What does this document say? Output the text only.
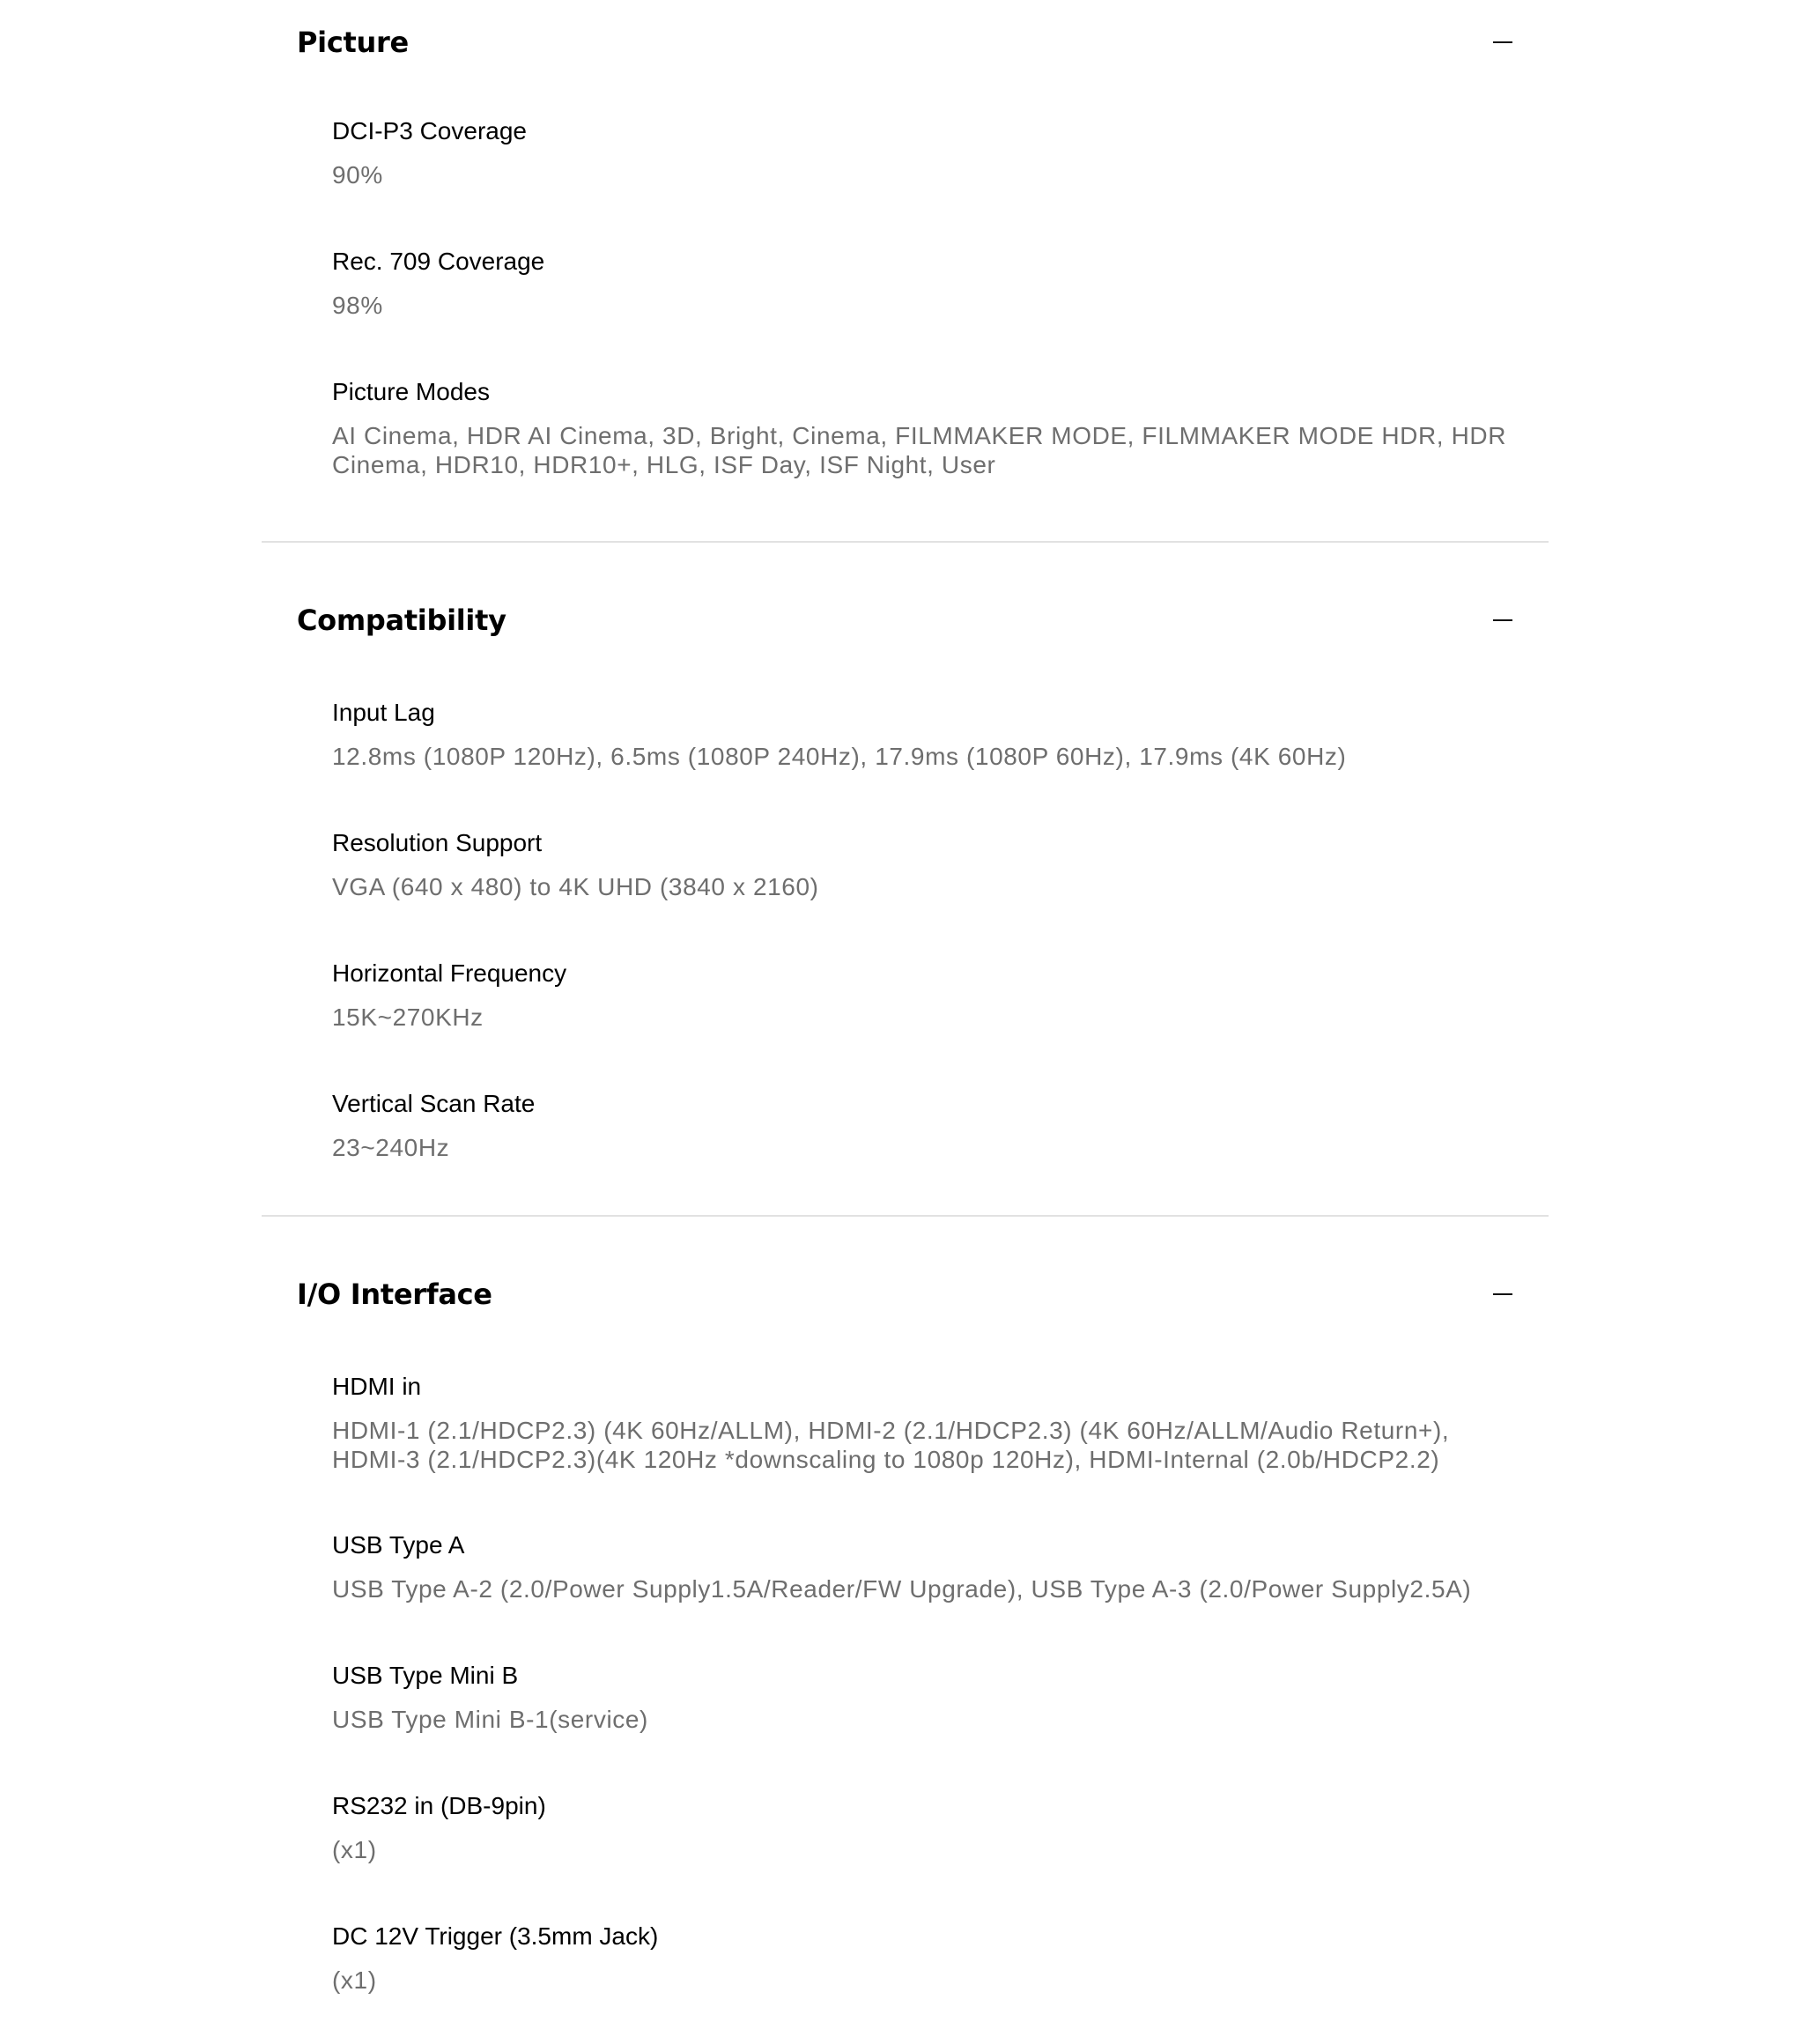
Picture
DCI-P3 Coverage
90%
Rec. 709 Coverage
98%
Picture Modes
AI Cinema, HDR AI Cinema, 3D, Bright, Cinema, FILMMAKER MODE, FILMMAKER MODE HDR, HDR Cinema, HDR10, HDR10+, HLG, ISF Day, ISF Night, User
Compatibility
Input Lag
12.8ms (1080P 120Hz), 6.5ms (1080P 240Hz), 17.9ms (1080P 60Hz), 17.9ms (4K 60Hz)
Resolution Support
VGA (640 x 480) to 4K UHD (3840 x 2160)
Horizontal Frequency
15K~270KHz
Vertical Scan Rate
23~240Hz
I/O Interface
HDMI in
HDMI-1 (2.1/HDCP2.3) (4K 60Hz/ALLM), HDMI-2 (2.1/HDCP2.3) (4K 60Hz/ALLM/Audio Return+), HDMI-3 (2.1/HDCP2.3)(4K 120Hz *downscaling to 1080p 120Hz), HDMI-Internal (2.0b/HDCP2.2)
USB Type A
USB Type A-2 (2.0/Power Supply1.5A/Reader/FW Upgrade), USB Type A-3 (2.0/Power Supply2.5A)
USB Type Mini B
USB Type Mini B-1(service)
RS232 in (DB-9pin)
(x1)
DC 12V Trigger (3.5mm Jack)
(x1)
